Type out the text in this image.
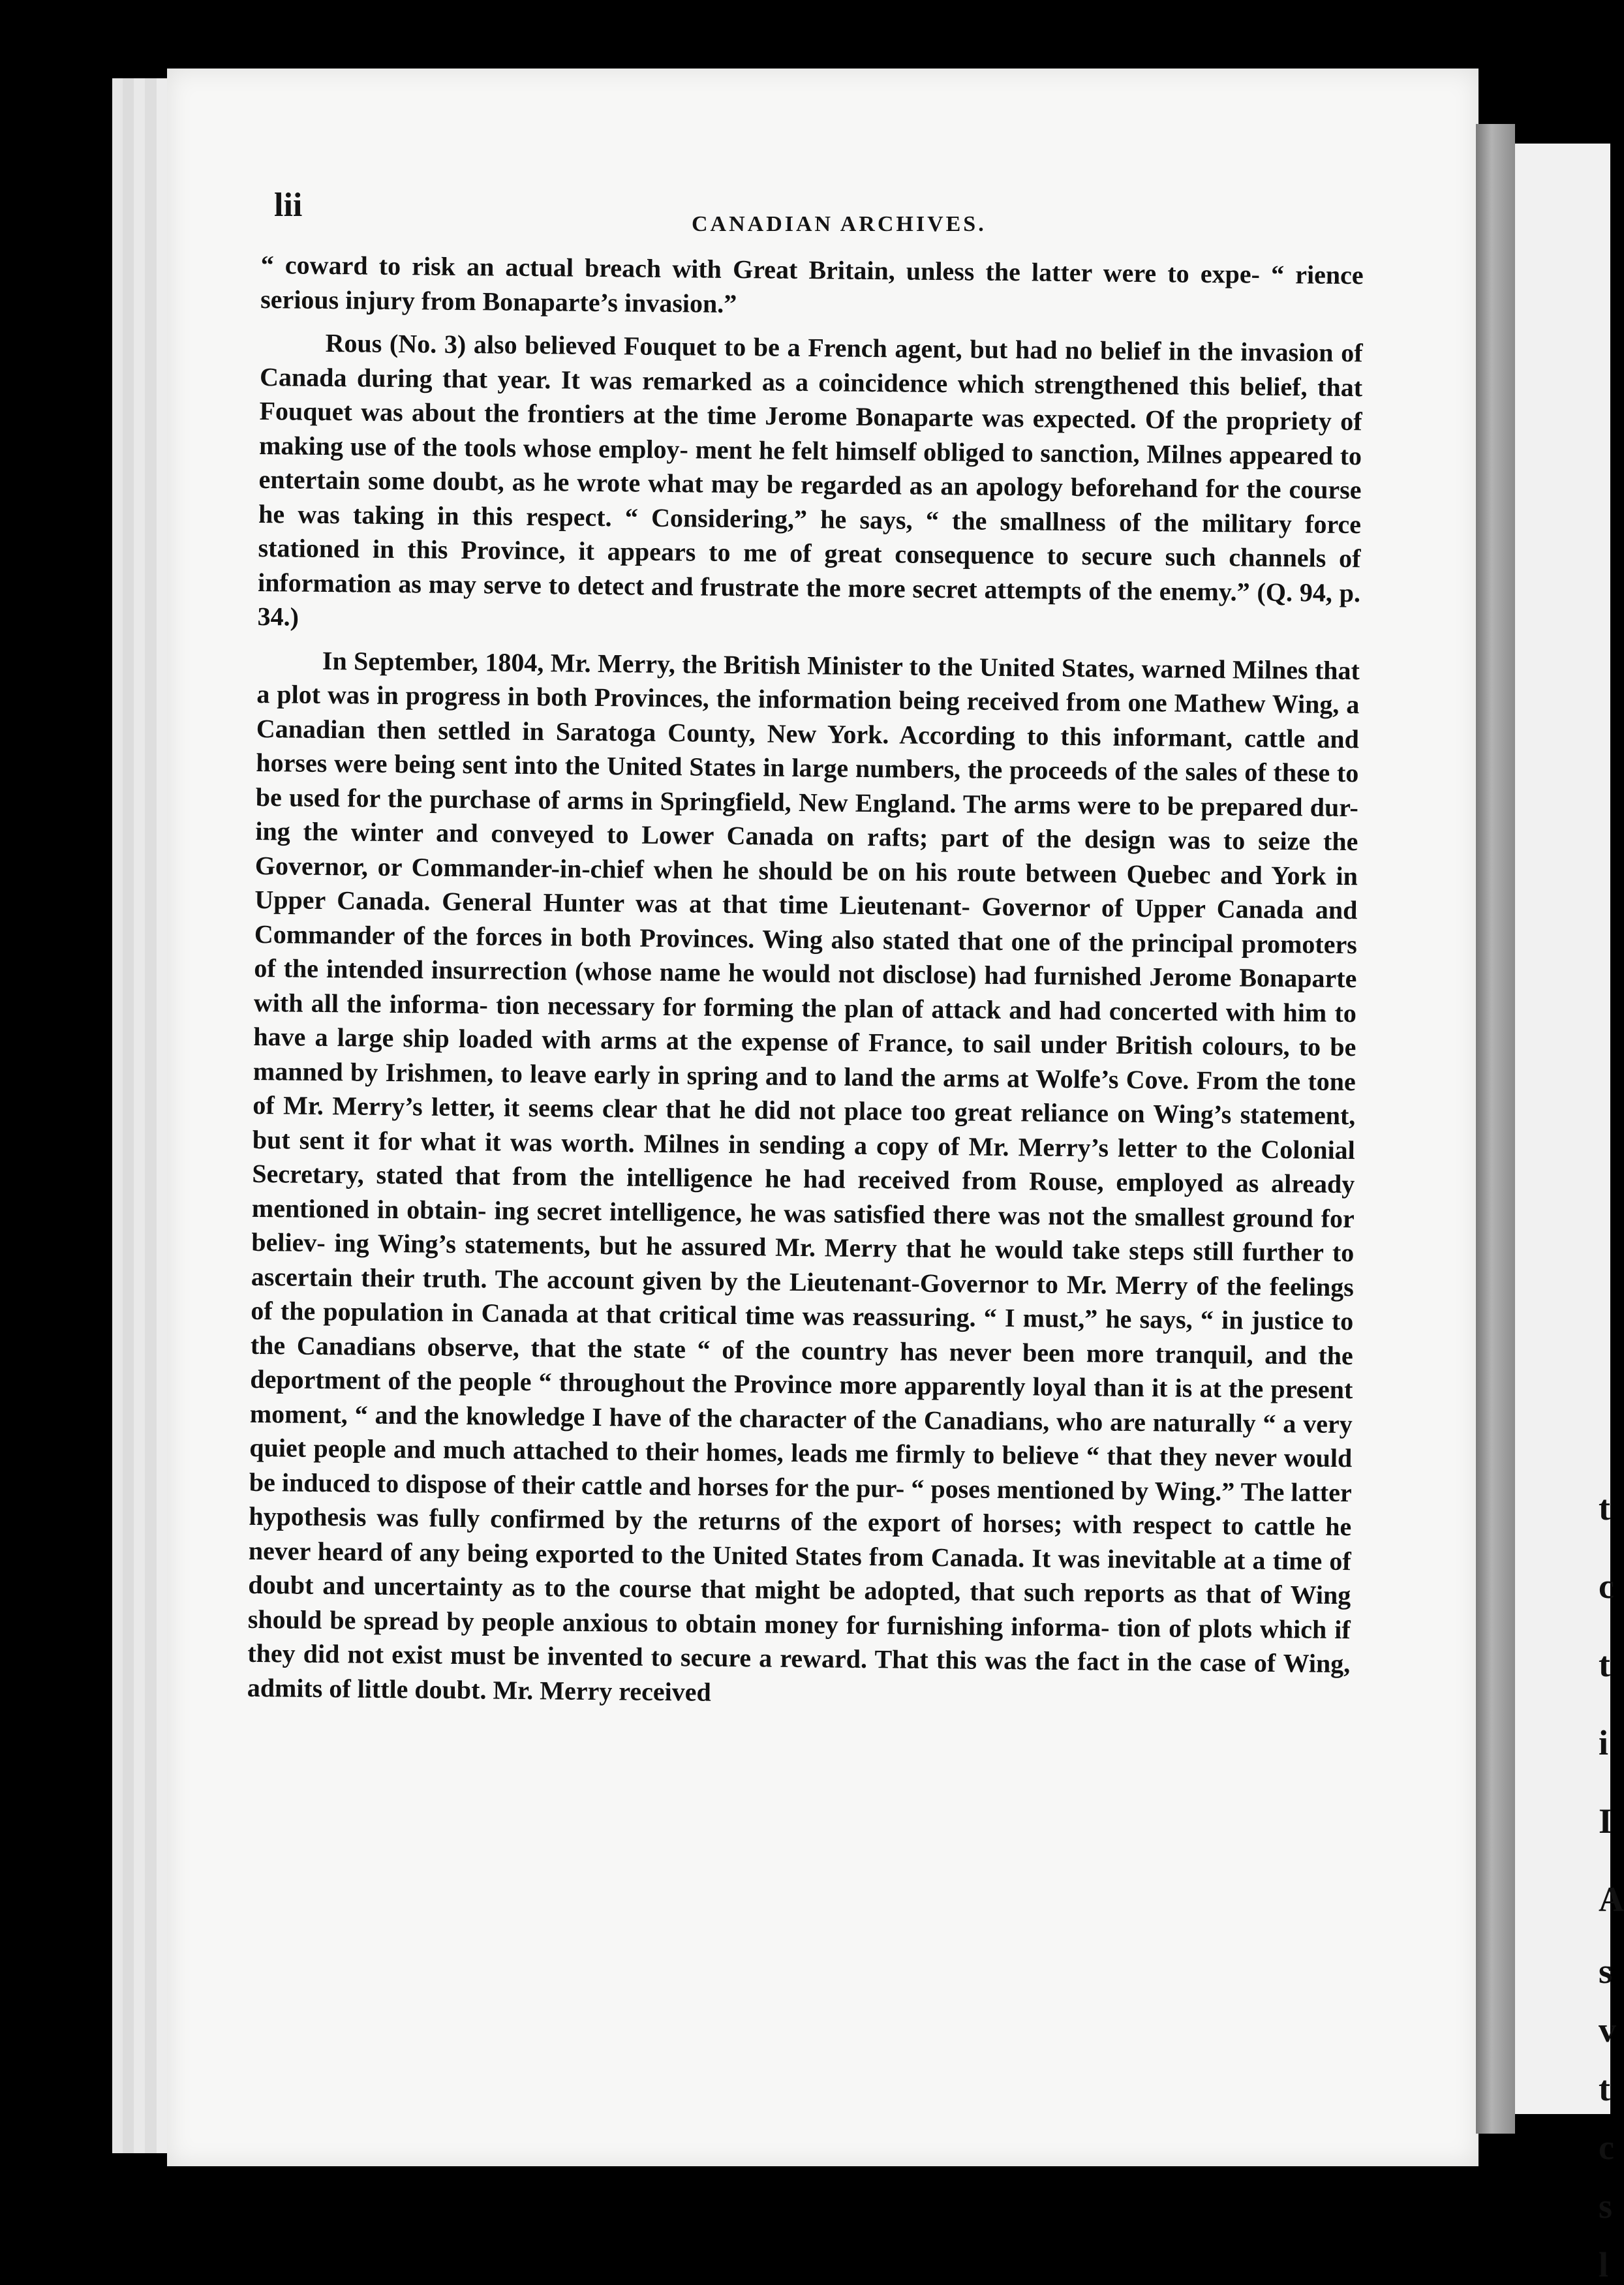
t
c
t
i
I
A
s
v
t
c
s
l
lii
CANADIAN ARCHIVES.

“ coward to risk an actual breach with Great Britain, unless the latter were to expe- “ rience serious injury from Bonaparte’s invasion.”

Rous (No. 3) also believed Fouquet to be a French agent, but had no belief in the invasion of Canada during that year. It was remarked as a coincidence which strengthened this belief, that Fouquet was about the frontiers at the time Jerome Bonaparte was expected. Of the propriety of making use of the tools whose employ- ment he felt himself obliged to sanction, Milnes appeared to entertain some doubt, as he wrote what may be regarded as an apology beforehand for the course he was taking in this respect. “ Considering,” he says, “ the smallness of the military force stationed in this Province, it appears to me of great consequence to secure such channels of information as may serve to detect and frustrate the more secret attempts of the enemy.” (Q. 94, p. 34.)

In September, 1804, Mr. Merry, the British Minister to the United States, warned Milnes that a plot was in progress in both Provinces, the information being received from one Mathew Wing, a Canadian then settled in Saratoga County, New York. According to this informant, cattle and horses were being sent into the United States in large numbers, the proceeds of the sales of these to be used for the purchase of arms in Springfield, New England. The arms were to be prepared dur- ing the winter and conveyed to Lower Canada on rafts; part of the design was to seize the Governor, or Commander-in-chief when he should be on his route between Quebec and York in Upper Canada. General Hunter was at that time Lieutenant- Governor of Upper Canada and Commander of the forces in both Provinces. Wing also stated that one of the principal promoters of the intended insurrection (whose name he would not disclose) had furnished Jerome Bonaparte with all the informa- tion necessary for forming the plan of attack and had concerted with him to have a large ship loaded with arms at the expense of France, to sail under British colours, to be manned by Irishmen, to leave early in spring and to land the arms at Wolfe’s Cove. From the tone of Mr. Merry’s letter, it seems clear that he did not place too great reliance on Wing’s statement, but sent it for what it was worth. Milnes in sending a copy of Mr. Merry’s letter to the Colonial Secretary, stated that from the intelligence he had received from Rouse, employed as already mentioned in obtain- ing secret intelligence, he was satisfied there was not the smallest ground for believ- ing Wing’s statements, but he assured Mr. Merry that he would take steps still further to ascertain their truth. The account given by the Lieutenant-Governor to Mr. Merry of the feelings of the population in Canada at that critical time was reassuring. “ I must,” he says, “ in justice to the Canadians observe, that the state “ of the country has never been more tranquil, and the deportment of the people “ throughout the Province more apparently loyal than it is at the present moment, “ and the knowledge I have of the character of the Canadians, who are naturally “ a very quiet people and much attached to their homes, leads me firmly to believe “ that they never would be induced to dispose of their cattle and horses for the pur- “ poses mentioned by Wing.” The latter hypothesis was fully confirmed by the returns of the export of horses; with respect to cattle he never heard of any being exported to the United States from Canada. It was inevitable at a time of doubt and uncertainty as to the course that might be adopted, that such reports as that of Wing should be spread by people anxious to obtain money for furnishing informa- tion of plots which if they did not exist must be invented to secure a reward. That this was the fact in the case of Wing, admits of little doubt. Mr. Merry received
